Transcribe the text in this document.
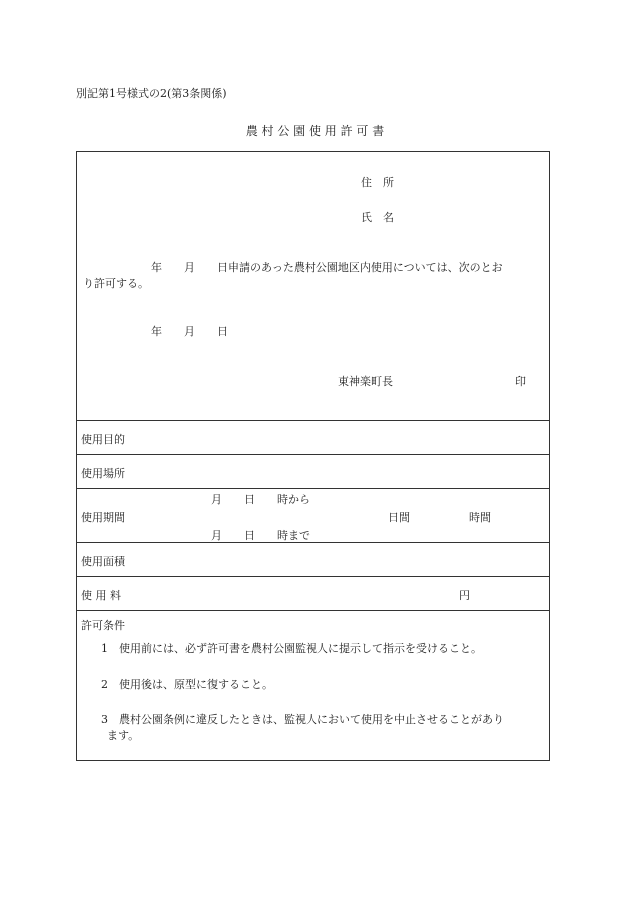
別記第1号様式の2(第3条関係)
農 村 公 園 使 用 許 可 書
住　所
氏　名
年　　月　　日申請のあった農村公園地区内使用については、次のとお
り許可する。
年　　月　　日
東神楽町長	印
使用目的
使用場所
月　　日　　時から
使用期間	日間	時間
月　　日　　時まで
使用面積
使 用 料	円
許可条件
1　使用前には、必ず許可書を農村公園監視人に提示して指示を受けること。
2　使用後は、原型に復すること。
3　農村公園条例に違反したときは、監視人において使用を中止させることがあり
ます。
